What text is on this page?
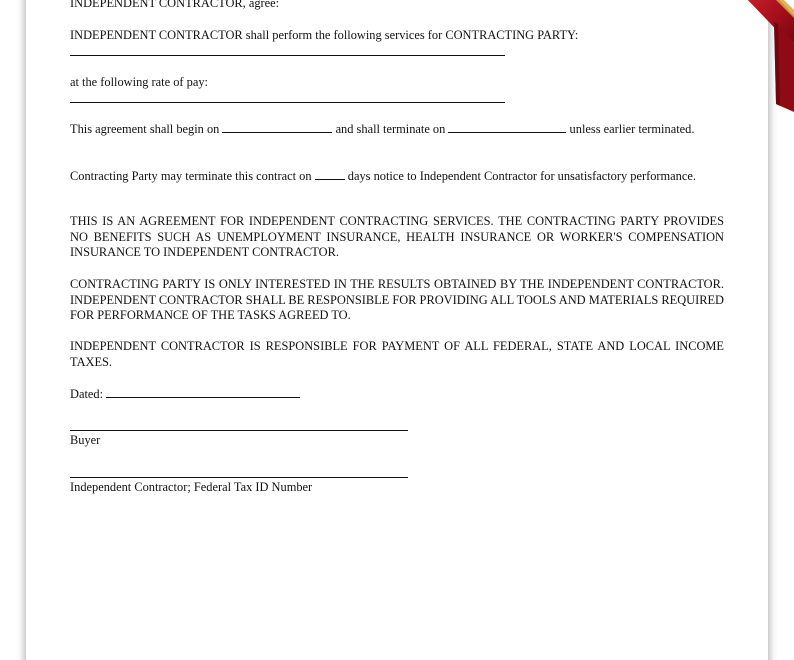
INDEPENDENT CONTRACTOR, agree:
INDEPENDENT CONTRACTOR shall perform the following services for CONTRACTING PARTY:
at the following rate of pay:
This agreement shall begin on	and shall terminate on	unless earlier terminated.
Contracting Party may terminate this contract on	days notice to Independent Contractor for unsatisfactory performance.
THIS IS AN AGREEMENT FOR INDEPENDENT CONTRACTING SERVICES. THE CONTRACTING PARTY PROVIDES NO BENEFITS SUCH AS UNEMPLOYMENT INSURANCE, HEALTH INSURANCE OR WORKER'S COMPENSATION INSURANCE TO INDEPENDENT CONTRACTOR.
CONTRACTING PARTY IS ONLY INTERESTED IN THE RESULTS OBTAINED BY THE INDEPENDENT CONTRACTOR. INDEPENDENT CONTRACTOR SHALL BE RESPONSIBLE FOR PROVIDING ALL TOOLS AND MATERIALS REQUIRED FOR PERFORMANCE OF THE TASKS AGREED TO.
INDEPENDENT CONTRACTOR IS RESPONSIBLE FOR PAYMENT OF ALL FEDERAL, STATE AND LOCAL INCOME TAXES.
Dated:
Buyer
Independent Contractor; Federal Tax ID Number
